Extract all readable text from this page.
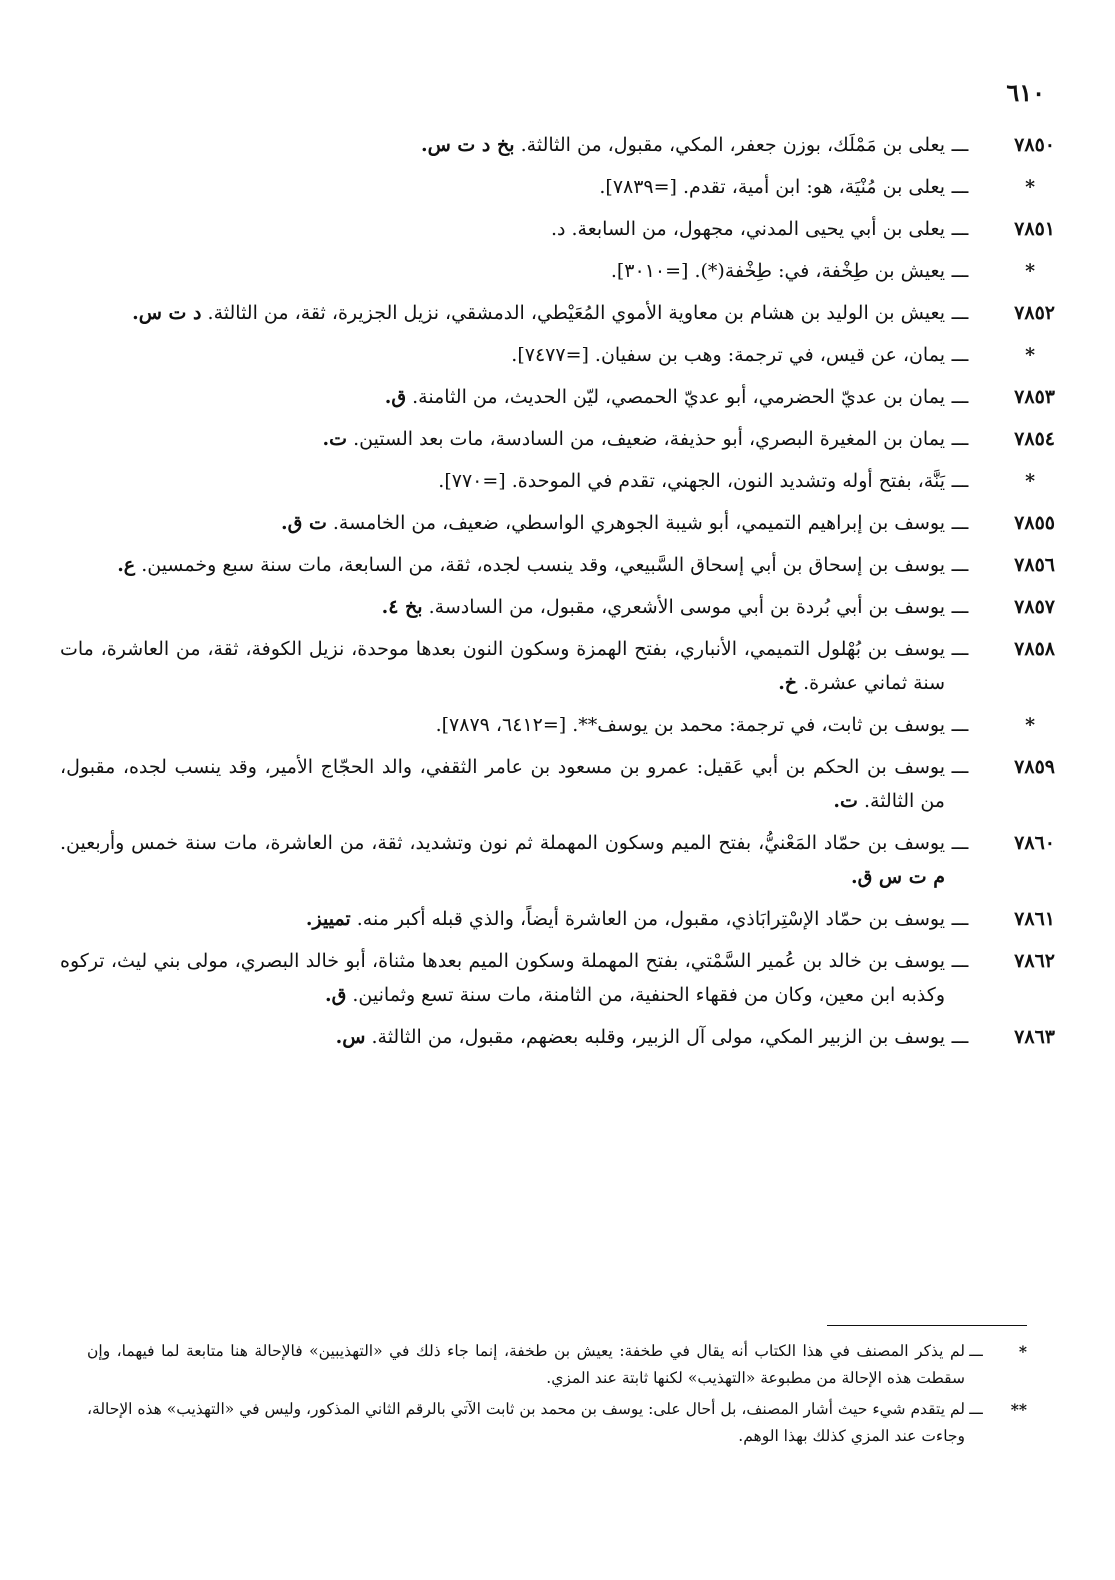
٦١٠
٧٨٥٠
ـــ
يعلى بن مَمْلَك، بوزن جعفر، المكي، مقبول، من الثالثة. بخ د ت س.
*
ـــ
يعلى بن مُنْيَة، هو: ابن أمية، تقدم. [=٧٨٣٩].
٧٨٥١
ـــ
يعلى بن أبي يحيى المدني، مجهول، من السابعة. د.
*
ـــ
يعيش بن طِخْفة، في: طِخْفة(*). [=٣٠١٠].
٧٨٥٢
ـــ
يعيش بن الوليد بن هشام بن معاوية الأموي المُعَيْطي، الدمشقي، نزيل الجزيرة، ثقة، من الثالثة. د ت س.
*
ـــ
يمان، عن قيس، في ترجمة: وهب بن سفيان. [=٧٤٧٧].
٧٨٥٣
ـــ
يمان بن عديّ الحضرمي، أبو عديّ الحمصي، ليّن الحديث، من الثامنة. ق.
٧٨٥٤
ـــ
يمان بن المغيرة البصري، أبو حذيفة، ضعيف، من السادسة، مات بعد الستين. ت.
*
ـــ
يَنَّة، بفتح أوله وتشديد النون، الجهني، تقدم في الموحدة. [=٧٧٠].
٧٨٥٥
ـــ
يوسف بن إبراهيم التميمي، أبو شيبة الجوهري الواسطي، ضعيف، من الخامسة. ت ق.
٧٨٥٦
ـــ
يوسف بن إسحاق بن أبي إسحاق السَّبيعي، وقد ينسب لجده، ثقة، من السابعة، مات سنة سبع وخمسين. ع.
٧٨٥٧
ـــ
يوسف بن أبي بُردة بن أبي موسى الأشعري، مقبول، من السادسة. بخ ٤.
٧٨٥٨
ـــ
يوسف بن بُهْلول التميمي، الأنباري، بفتح الهمزة وسكون النون بعدها موحدة، نزيل الكوفة، ثقة، من العاشرة، مات سنة ثماني عشرة. خ.
*
ـــ
يوسف بن ثابت، في ترجمة: محمد بن يوسف**. [=٦٤١٢، ٧٨٧٩].
٧٨٥٩
ـــ
يوسف بن الحكم بن أبي عَقيل: عمرو بن مسعود بن عامر الثقفي، والد الحجّاج الأمير، وقد ينسب لجده، مقبول، من الثالثة. ت.
٧٨٦٠
ـــ
يوسف بن حمّاد المَعْنيُّ، بفتح الميم وسكون المهملة ثم نون وتشديد، ثقة، من العاشرة، مات سنة خمس وأربعين. م ت س ق.
٧٨٦١
ـــ
يوسف بن حمّاد الإسْتِرابَاذي، مقبول، من العاشرة أيضاً، والذي قبله أكبر منه. تمييز.
٧٨٦٢
ـــ
يوسف بن خالد بن عُمير السَّمْتي، بفتح المهملة وسكون الميم بعدها مثناة، أبو خالد البصري، مولى بني ليث، تركوه وكذبه ابن معين، وكان من فقهاء الحنفية، من الثامنة، مات سنة تسع وثمانين. ق.
٧٨٦٣
ـــ
يوسف بن الزبير المكي، مولى آل الزبير، وقلبه بعضهم، مقبول، من الثالثة. س.
*
ـــ
لم يذكر المصنف في هذا الكتاب أنه يقال في طخفة: يعيش بن طخفة، إنما جاء ذلك في «التهذيبين» فالإحالة هنا متابعة لما فيهما، وإن سقطت هذه الإحالة من مطبوعة «التهذيب» لكنها ثابتة عند المزي.
**
ـــ
لم يتقدم شيء حيث أشار المصنف، بل أحال على: يوسف بن محمد بن ثابت الآتي بالرقم الثاني المذكور، وليس في «التهذيب» هذه الإحالة، وجاءت عند المزي كذلك بهذا الوهم.
